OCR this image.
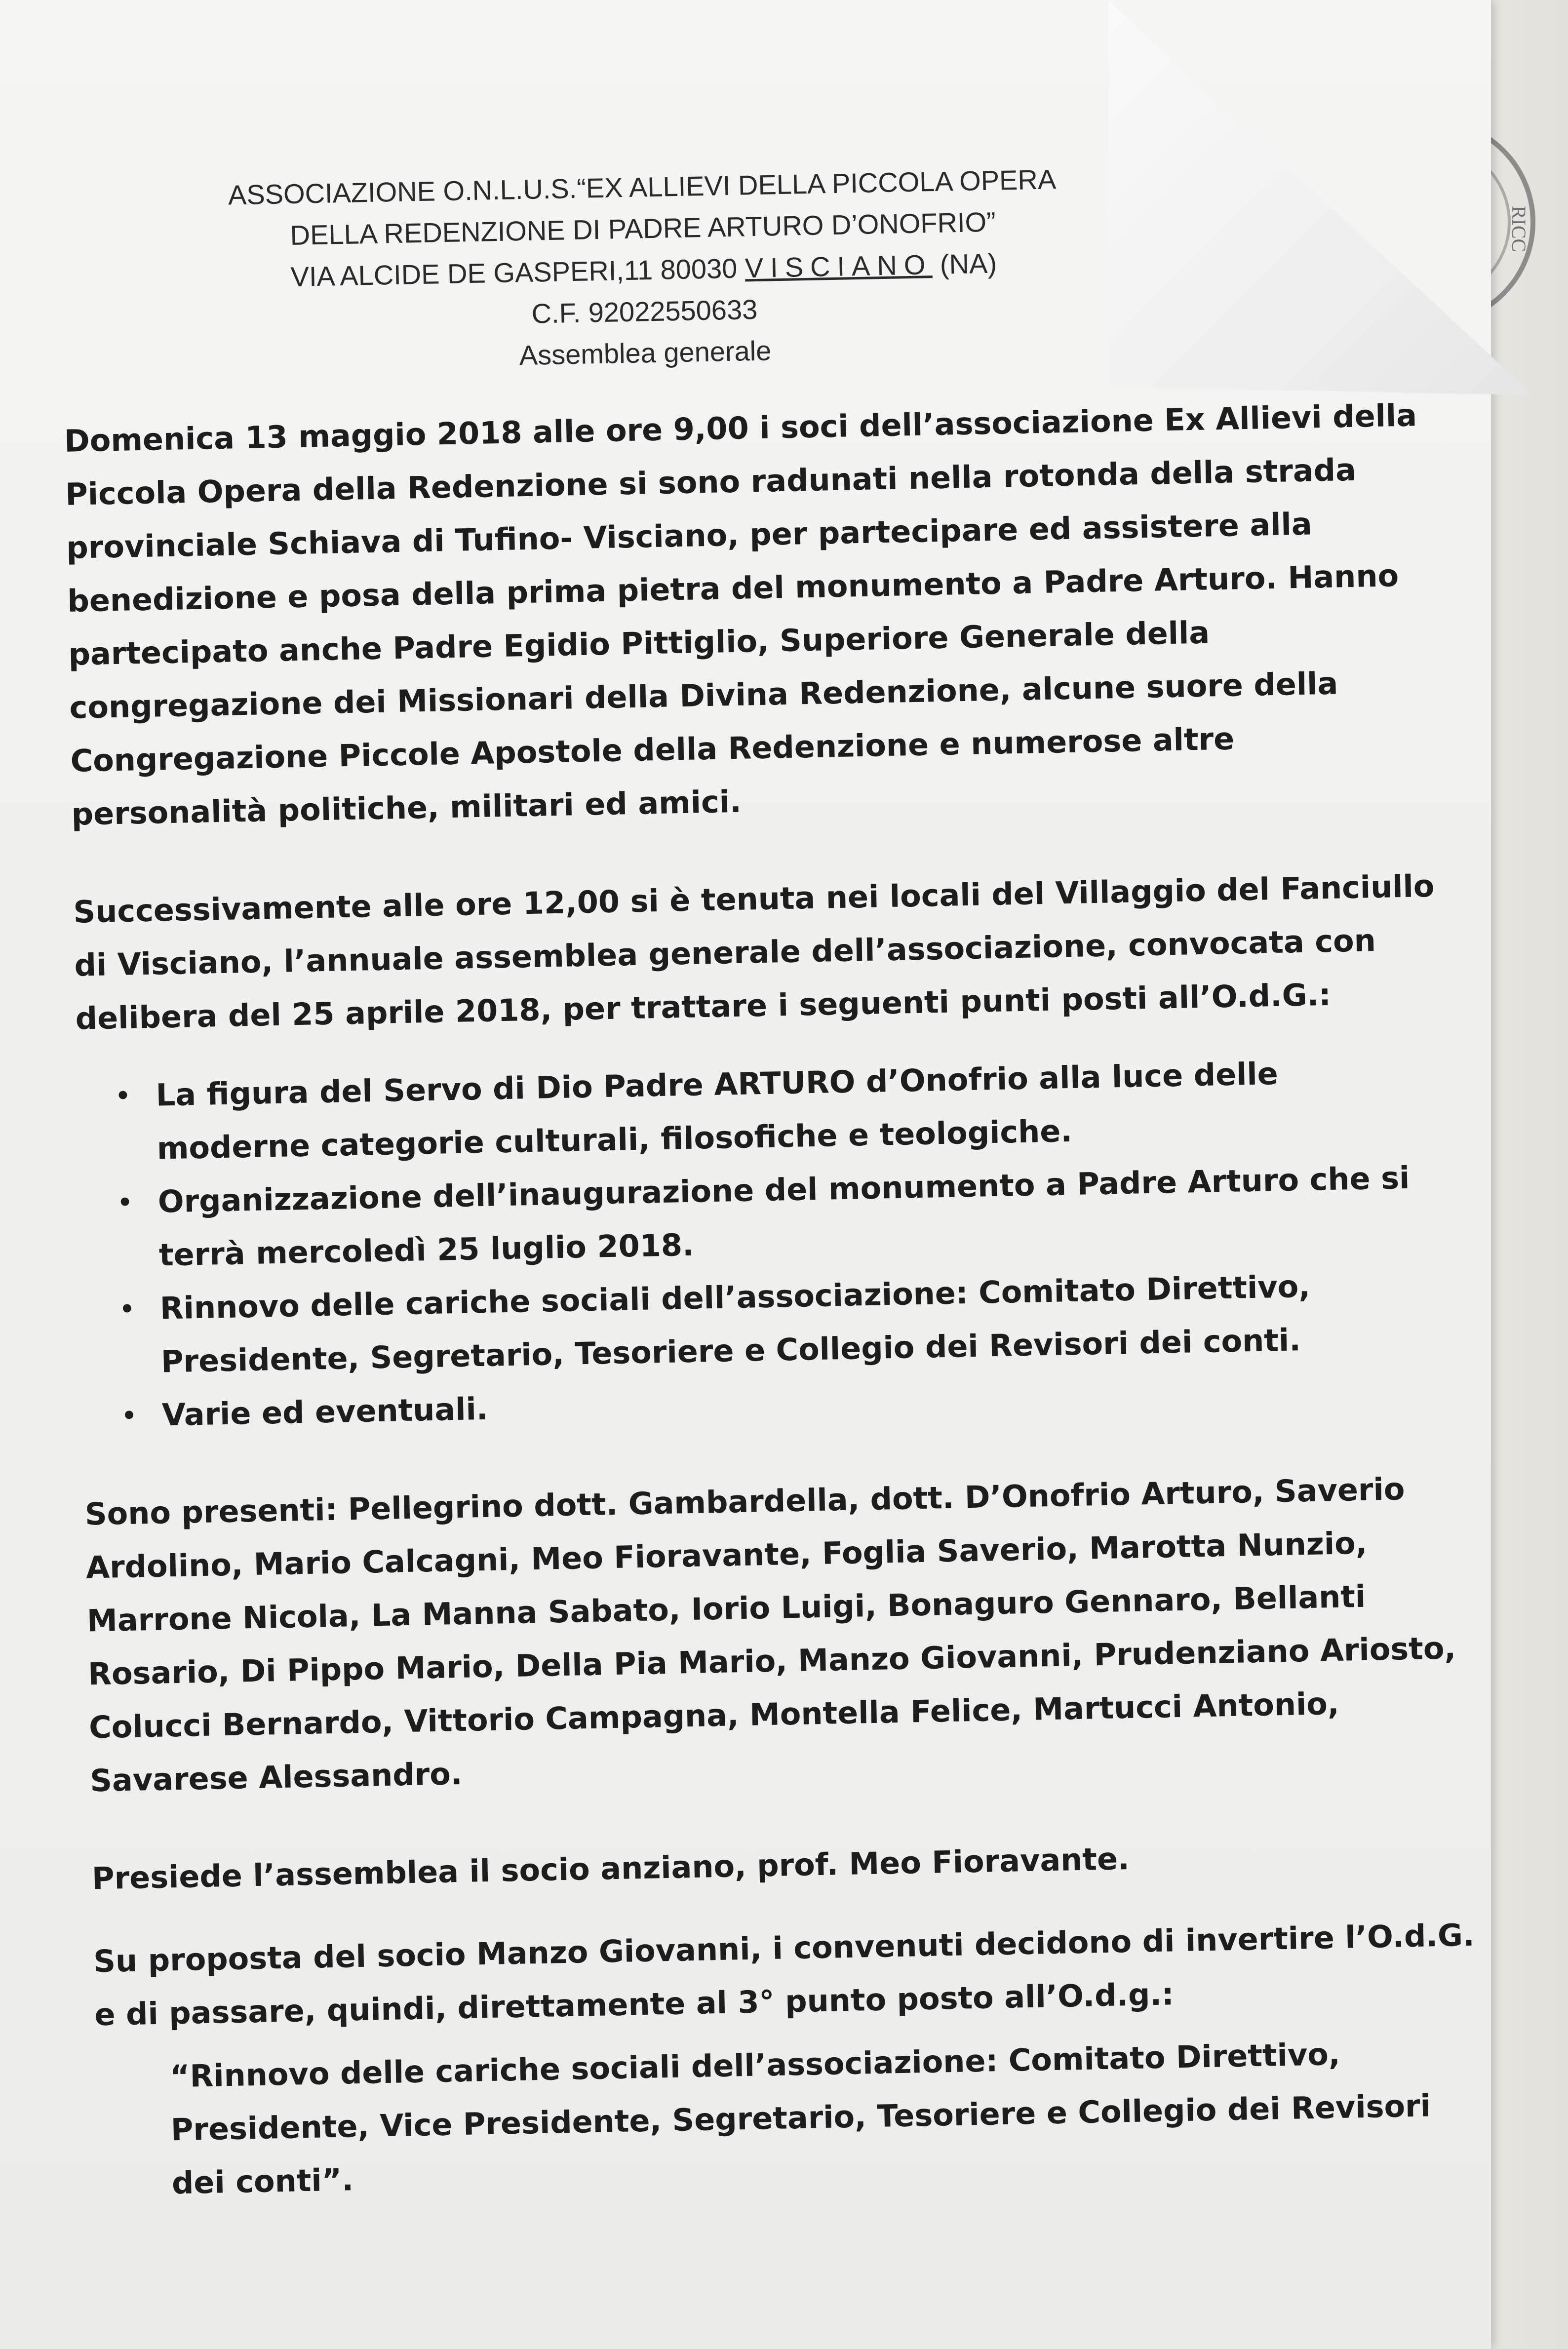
RICC
ASSOCIAZIONE O.N.L.U.S.“EX ALLIEVI DELLA PICCOLA OPERA
DELLA REDENZIONE DI PADRE ARTURO D’ONOFRIO”
VIA ALCIDE DE GASPERI,11 80030 VISCIANO (NA)
C.F. 92022550633
Assemblea generale

Domenica 13 maggio 2018 alle ore 9,00 i soci dell’associazione Ex Allievi della

Piccola Opera della Redenzione si sono radunati nella rotonda della strada

provinciale Schiava di Tufino- Visciano, per partecipare ed assistere alla

benedizione e posa della prima pietra del monumento a Padre Arturo. Hanno

partecipato anche Padre Egidio Pittiglio, Superiore Generale della

congregazione dei Missionari della Divina Redenzione, alcune suore della

Congregazione Piccole Apostole della Redenzione e numerose altre

personalità politiche, militari ed amici.

Successivamente alle ore 12,00 si è tenuta nei locali del Villaggio del Fanciullo

di Visciano, l’annuale assemblea generale dell’associazione, convocata con

delibera del 25 aprile 2018, per trattare i seguenti punti posti all’O.d.G.:

• La figura del Servo di Dio Padre ARTURO d’Onofrio alla luce delle
moderne categorie culturali, filosofiche e teologiche.
• Organizzazione dell’inaugurazione del monumento a Padre Arturo che si
terrà mercoledì 25 luglio 2018.
• Rinnovo delle cariche sociali dell’associazione: Comitato Direttivo,
Presidente, Segretario, Tesoriere e Collegio dei Revisori dei conti.
• Varie ed eventuali.

Sono presenti: Pellegrino dott. Gambardella, dott. D’Onofrio Arturo, Saverio

Ardolino, Mario Calcagni, Meo Fioravante, Foglia Saverio, Marotta Nunzio,

Marrone Nicola, La Manna Sabato, Iorio Luigi, Bonaguro Gennaro, Bellanti

Rosario, Di Pippo Mario, Della Pia Mario, Manzo Giovanni, Prudenziano Ariosto,

Colucci Bernardo, Vittorio Campagna, Montella Felice, Martucci Antonio,

Savarese Alessandro.

Presiede l’assemblea il socio anziano, prof. Meo Fioravante.

Su proposta del socio Manzo Giovanni, i convenuti decidono di invertire l’O.d.G.

e di passare, quindi, direttamente al 3° punto posto all’O.d.g.:

“Rinnovo delle cariche sociali dell’associazione: Comitato Direttivo,

Presidente, Vice Presidente, Segretario, Tesoriere e Collegio dei Revisori

dei conti”.
